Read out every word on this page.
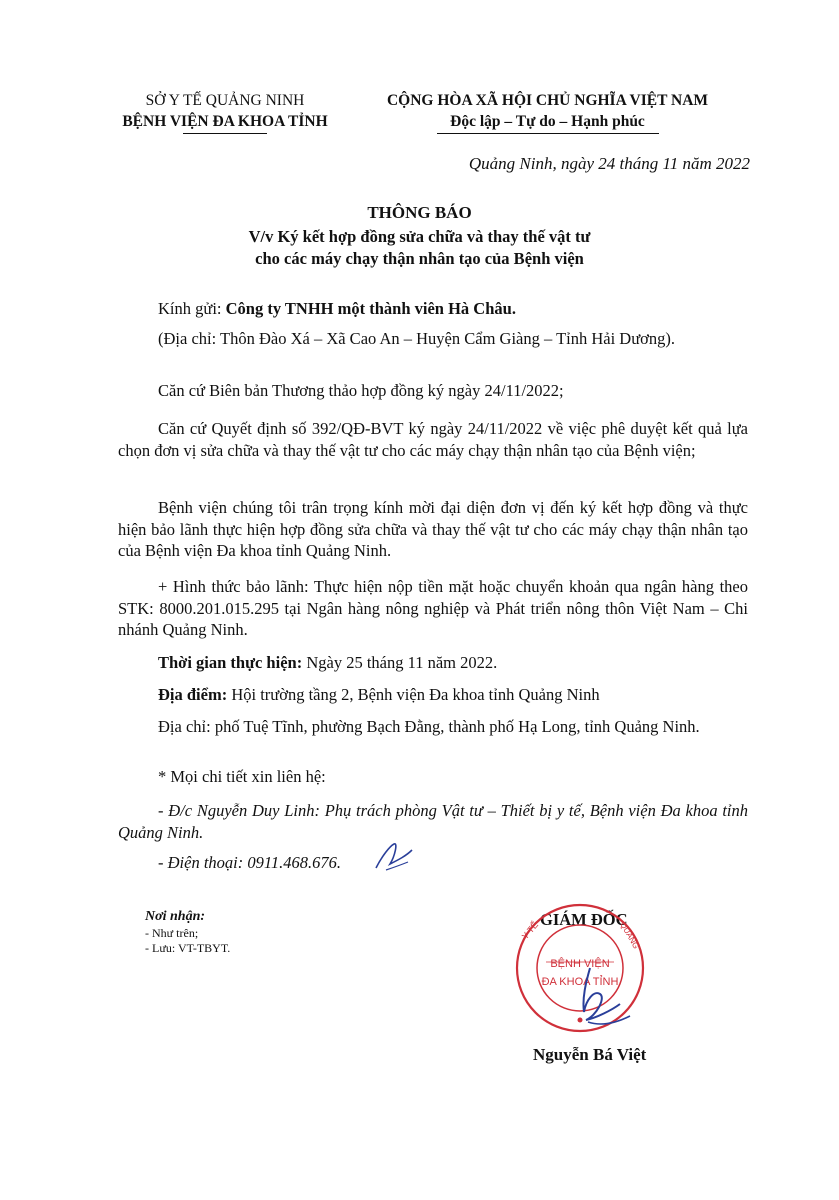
SỞ Y TẾ QUẢNG NINH
BỆNH VIỆN ĐA KHOA TỈNH
CỘNG HÒA XÃ HỘI CHỦ NGHĨA VIỆT NAM
Độc lập – Tự do – Hạnh phúc
Quảng Ninh, ngày 24 tháng 11 năm 2022
THÔNG BÁO
V/v Ký kết hợp đồng sửa chữa và thay thế vật tư
cho các máy chạy thận nhân tạo của Bệnh viện
Kính gửi: Công ty TNHH một thành viên Hà Châu.
(Địa chỉ: Thôn Đào Xá – Xã Cao An – Huyện Cẩm Giàng – Tỉnh Hải Dương).
Căn cứ Biên bản Thương thảo hợp đồng ký ngày 24/11/2022;
Căn cứ Quyết định số 392/QĐ-BVT ký ngày 24/11/2022 về việc phê duyệt kết quả lựa chọn đơn vị sửa chữa và thay thế vật tư cho các máy chạy thận nhân tạo của Bệnh viện;
Bệnh viện chúng tôi trân trọng kính mời đại diện đơn vị đến ký kết hợp đồng và thực hiện bảo lãnh thực hiện hợp đồng sửa chữa và thay thế vật tư cho các máy chạy thận nhân tạo của Bệnh viện Đa khoa tỉnh Quảng Ninh.
+ Hình thức bảo lãnh: Thực hiện nộp tiền mặt hoặc chuyển khoản qua ngân hàng theo STK: 8000.201.015.295 tại Ngân hàng nông nghiệp và Phát triển nông thôn Việt Nam – Chi nhánh Quảng Ninh.
Thời gian thực hiện: Ngày 25 tháng 11 năm 2022.
Địa điểm: Hội trường tầng 2, Bệnh viện Đa khoa tỉnh Quảng Ninh
Địa chỉ: phố Tuệ Tĩnh, phường Bạch Đằng, thành phố Hạ Long, tỉnh Quảng Ninh.
* Mọi chi tiết xin liên hệ:
- Đ/c Nguyễn Duy Linh: Phụ trách phòng Vật tư – Thiết bị y tế, Bệnh viện Đa khoa tỉnh Quảng Ninh.
- Điện thoại: 0911.468.676.
Nơi nhận:
- Như trên;
- Lưu: VT-TBYT.
GIÁM ĐỐC
Y TẾ	QUẢNG
BỆNH VIỆN
ĐA KHOA TỈNH
Nguyễn Bá Việt
